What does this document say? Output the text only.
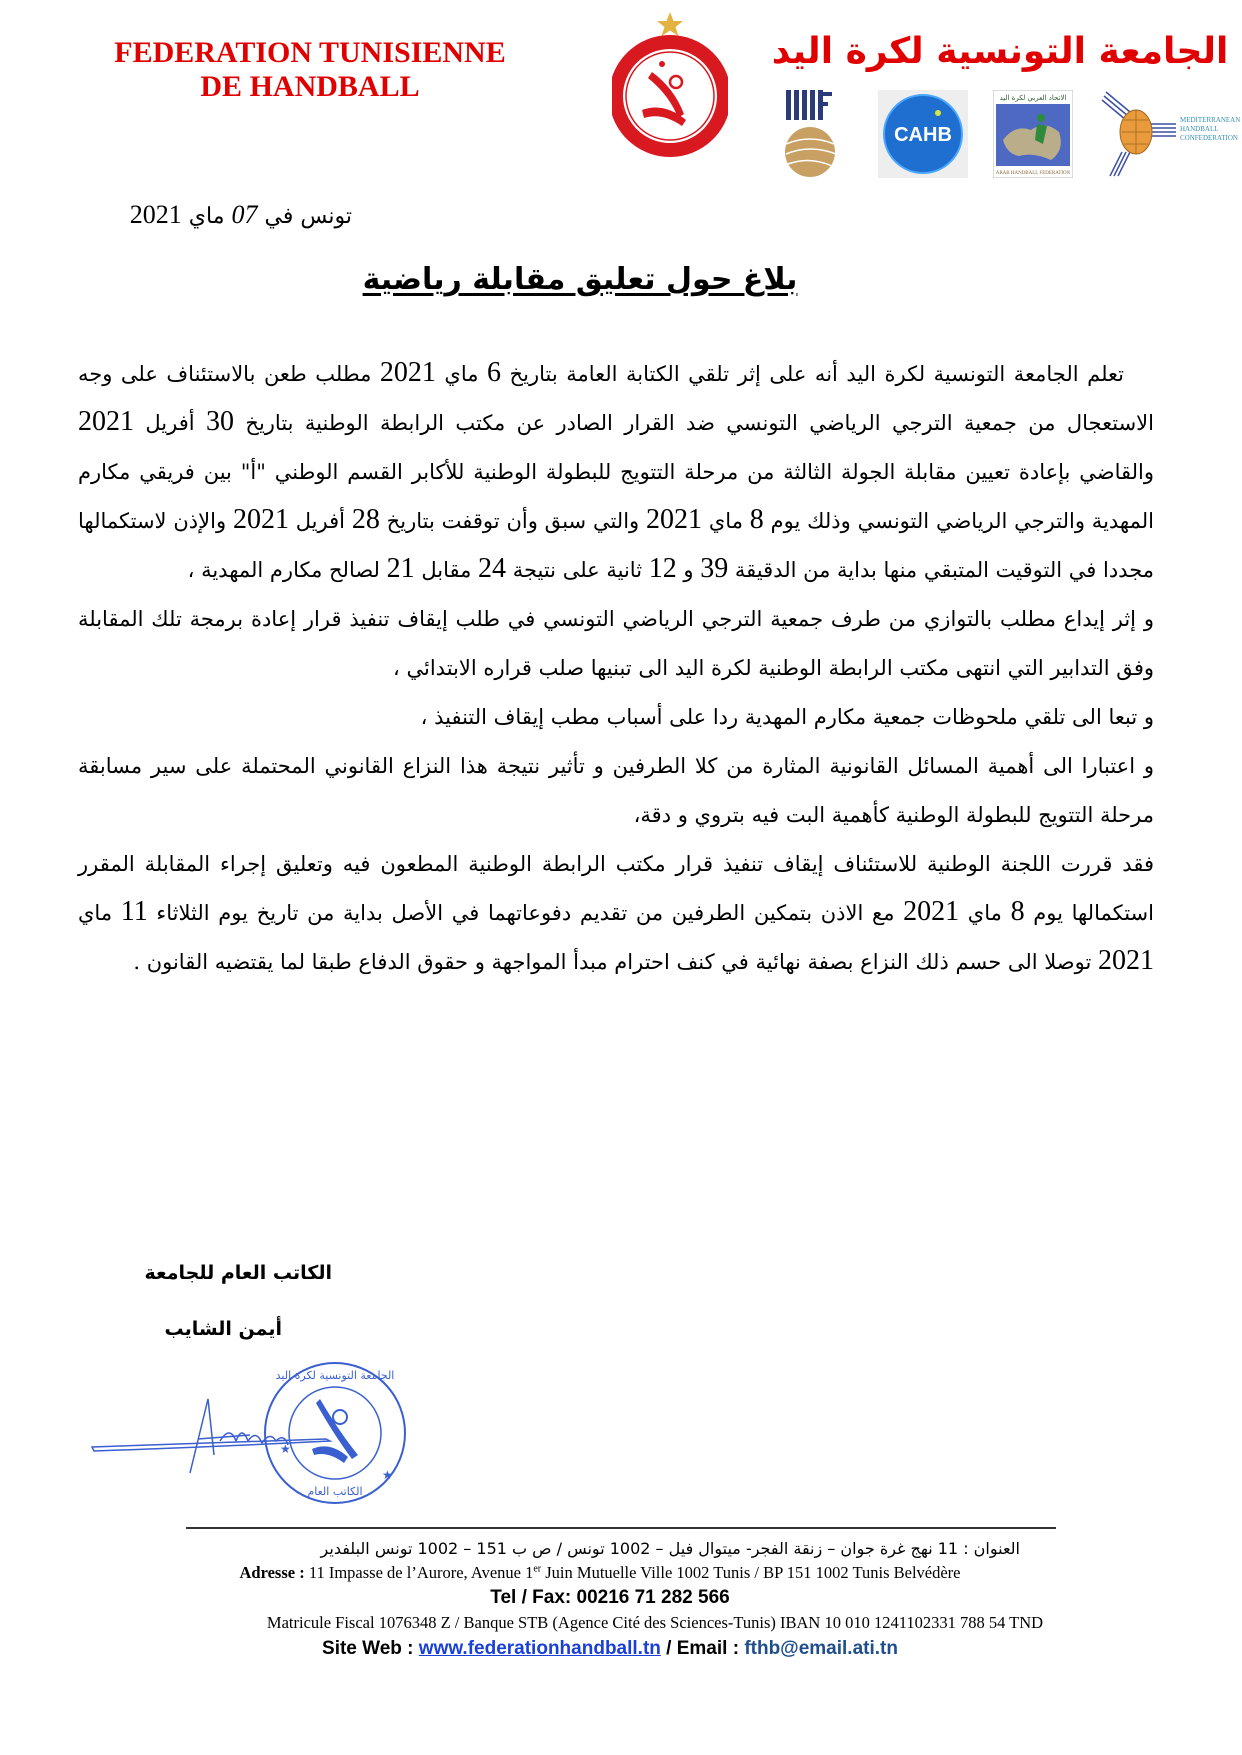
FEDERATION TUNISIENNE
DE HANDBALL
الجامعة التونسية لكرة اليد
CAHB
الاتحاد العربي لكرة اليد
ARAB HANDBALL FEDERATION
MEDITERRANEAN
HANDBALL
CONFEDERATION
تونس في 07 ماي 2021
بلاغ حول تعليق مقابلة رياضية

تعلم الجامعة التونسية لكرة اليد أنه على إثر تلقي الكتابة العامة بتاريخ 6 ماي 2021 مطلب طعن بالاستئناف على وجه الاستعجال من جمعية الترجي الرياضي التونسي ضد القرار الصادر عن مكتب الرابطة الوطنية بتاريخ 30 أفريل 2021 والقاضي بإعادة تعيين مقابلة الجولة الثالثة من مرحلة التتويج للبطولة الوطنية للأكابر القسم الوطني "أ" بين فريقي مكارم المهدية والترجي الرياضي التونسي وذلك يوم 8 ماي 2021 والتي سبق وأن توقفت بتاريخ 28 أفريل 2021 والإذن لاستكمالها مجددا في التوقيت المتبقي منها بداية من الدقيقة 39 و 12 ثانية على نتيجة 24 مقابل 21 لصالح مكارم المهدية ،

و إثر إيداع مطلب بالتوازي من طرف جمعية الترجي الرياضي التونسي في طلب إيقاف تنفيذ قرار إعادة برمجة تلك المقابلة وفق التدابير التي انتهى مكتب الرابطة الوطنية لكرة اليد الى تبنيها صلب قراره الابتدائي ،

و تبعا الى تلقي ملحوظات جمعية مكارم المهدية ردا على أسباب مطب إيقاف التنفيذ ،

و اعتبارا الى أهمية المسائل القانونية المثارة من كلا الطرفين و تأثير نتيجة هذا النزاع القانوني المحتملة على سير مسابقة مرحلة التتويج للبطولة الوطنية كأهمية البت فيه بتروي و دقة،

فقد قررت اللجنة الوطنية للاستئناف إيقاف تنفيذ قرار مكتب الرابطة الوطنية المطعون فيه وتعليق إجراء المقابلة المقرر استكمالها يوم 8 ماي 2021 مع الاذن بتمكين الطرفين من تقديم دفوعاتهما في الأصل بداية من تاريخ يوم الثلاثاء 11 ماي 2021 توصلا الى حسم ذلك النزاع بصفة نهائية في كنف احترام مبدأ المواجهة و حقوق الدفاع طبقا لما يقتضيه القانون .

الكاتب العام للجامعة
أيمن الشايب
★
★
الجامعة التونسية لكرة اليد
الكاتب العام
العنوان : 11 نهج غرة جوان – زنقة الفجر- ميتوال فيل – 1002 تونس / ص ب 151 – 1002 تونس البلفدير
Adresse : 11 Impasse de l’Aurore, Avenue 1er Juin Mutuelle Ville 1002 Tunis / BP 151 1002 Tunis Belvédère
Tel / Fax: 00216 71 282 566
Matricule Fiscal 1076348 Z / Banque STB (Agence Cité des Sciences-Tunis) IBAN 10 010 1241102331 788 54 TND
Site Web : www.federationhandball.tn / Email : fthb@email.ati.tn
